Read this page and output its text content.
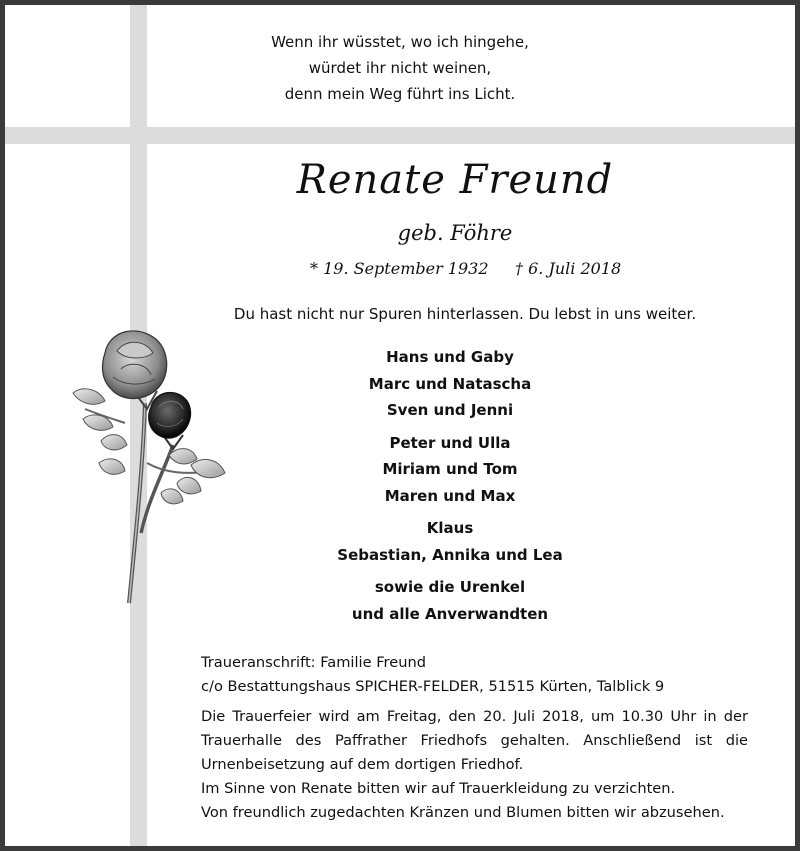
Wenn ihr wüsstet, wo ich hingehe,
würdet ihr nicht weinen,
denn mein Weg führt ins Licht.
Renate Freund
geb. Föhre
* 19. September 1932 † 6. Juli 2018
Du hast nicht nur Spuren hinterlassen. Du lebst in uns weiter.
Hans und Gaby
Marc und Natascha
Sven und Jenni
Peter und Ulla
Miriam und Tom
Maren und Max
Klaus
Sebastian, Annika und Lea
sowie die Urenkel
und alle Anverwandten
Traueranschrift: Familie Freund
c/o Bestattungshaus SPICHER-FELDER, 51515 Kürten, Talblick 9
Die Trauerfeier wird am Freitag, den 20. Juli 2018, um 10.30 Uhr in der Trauerhalle des Paffrather Friedhofs gehalten. Anschließend ist die Urnenbeisetzung auf dem dortigen Friedhof.
Im Sinne von Renate bitten wir auf Trauerkleidung zu verzichten.
Von freundlich zugedachten Kränzen und Blumen bitten wir abzusehen.
